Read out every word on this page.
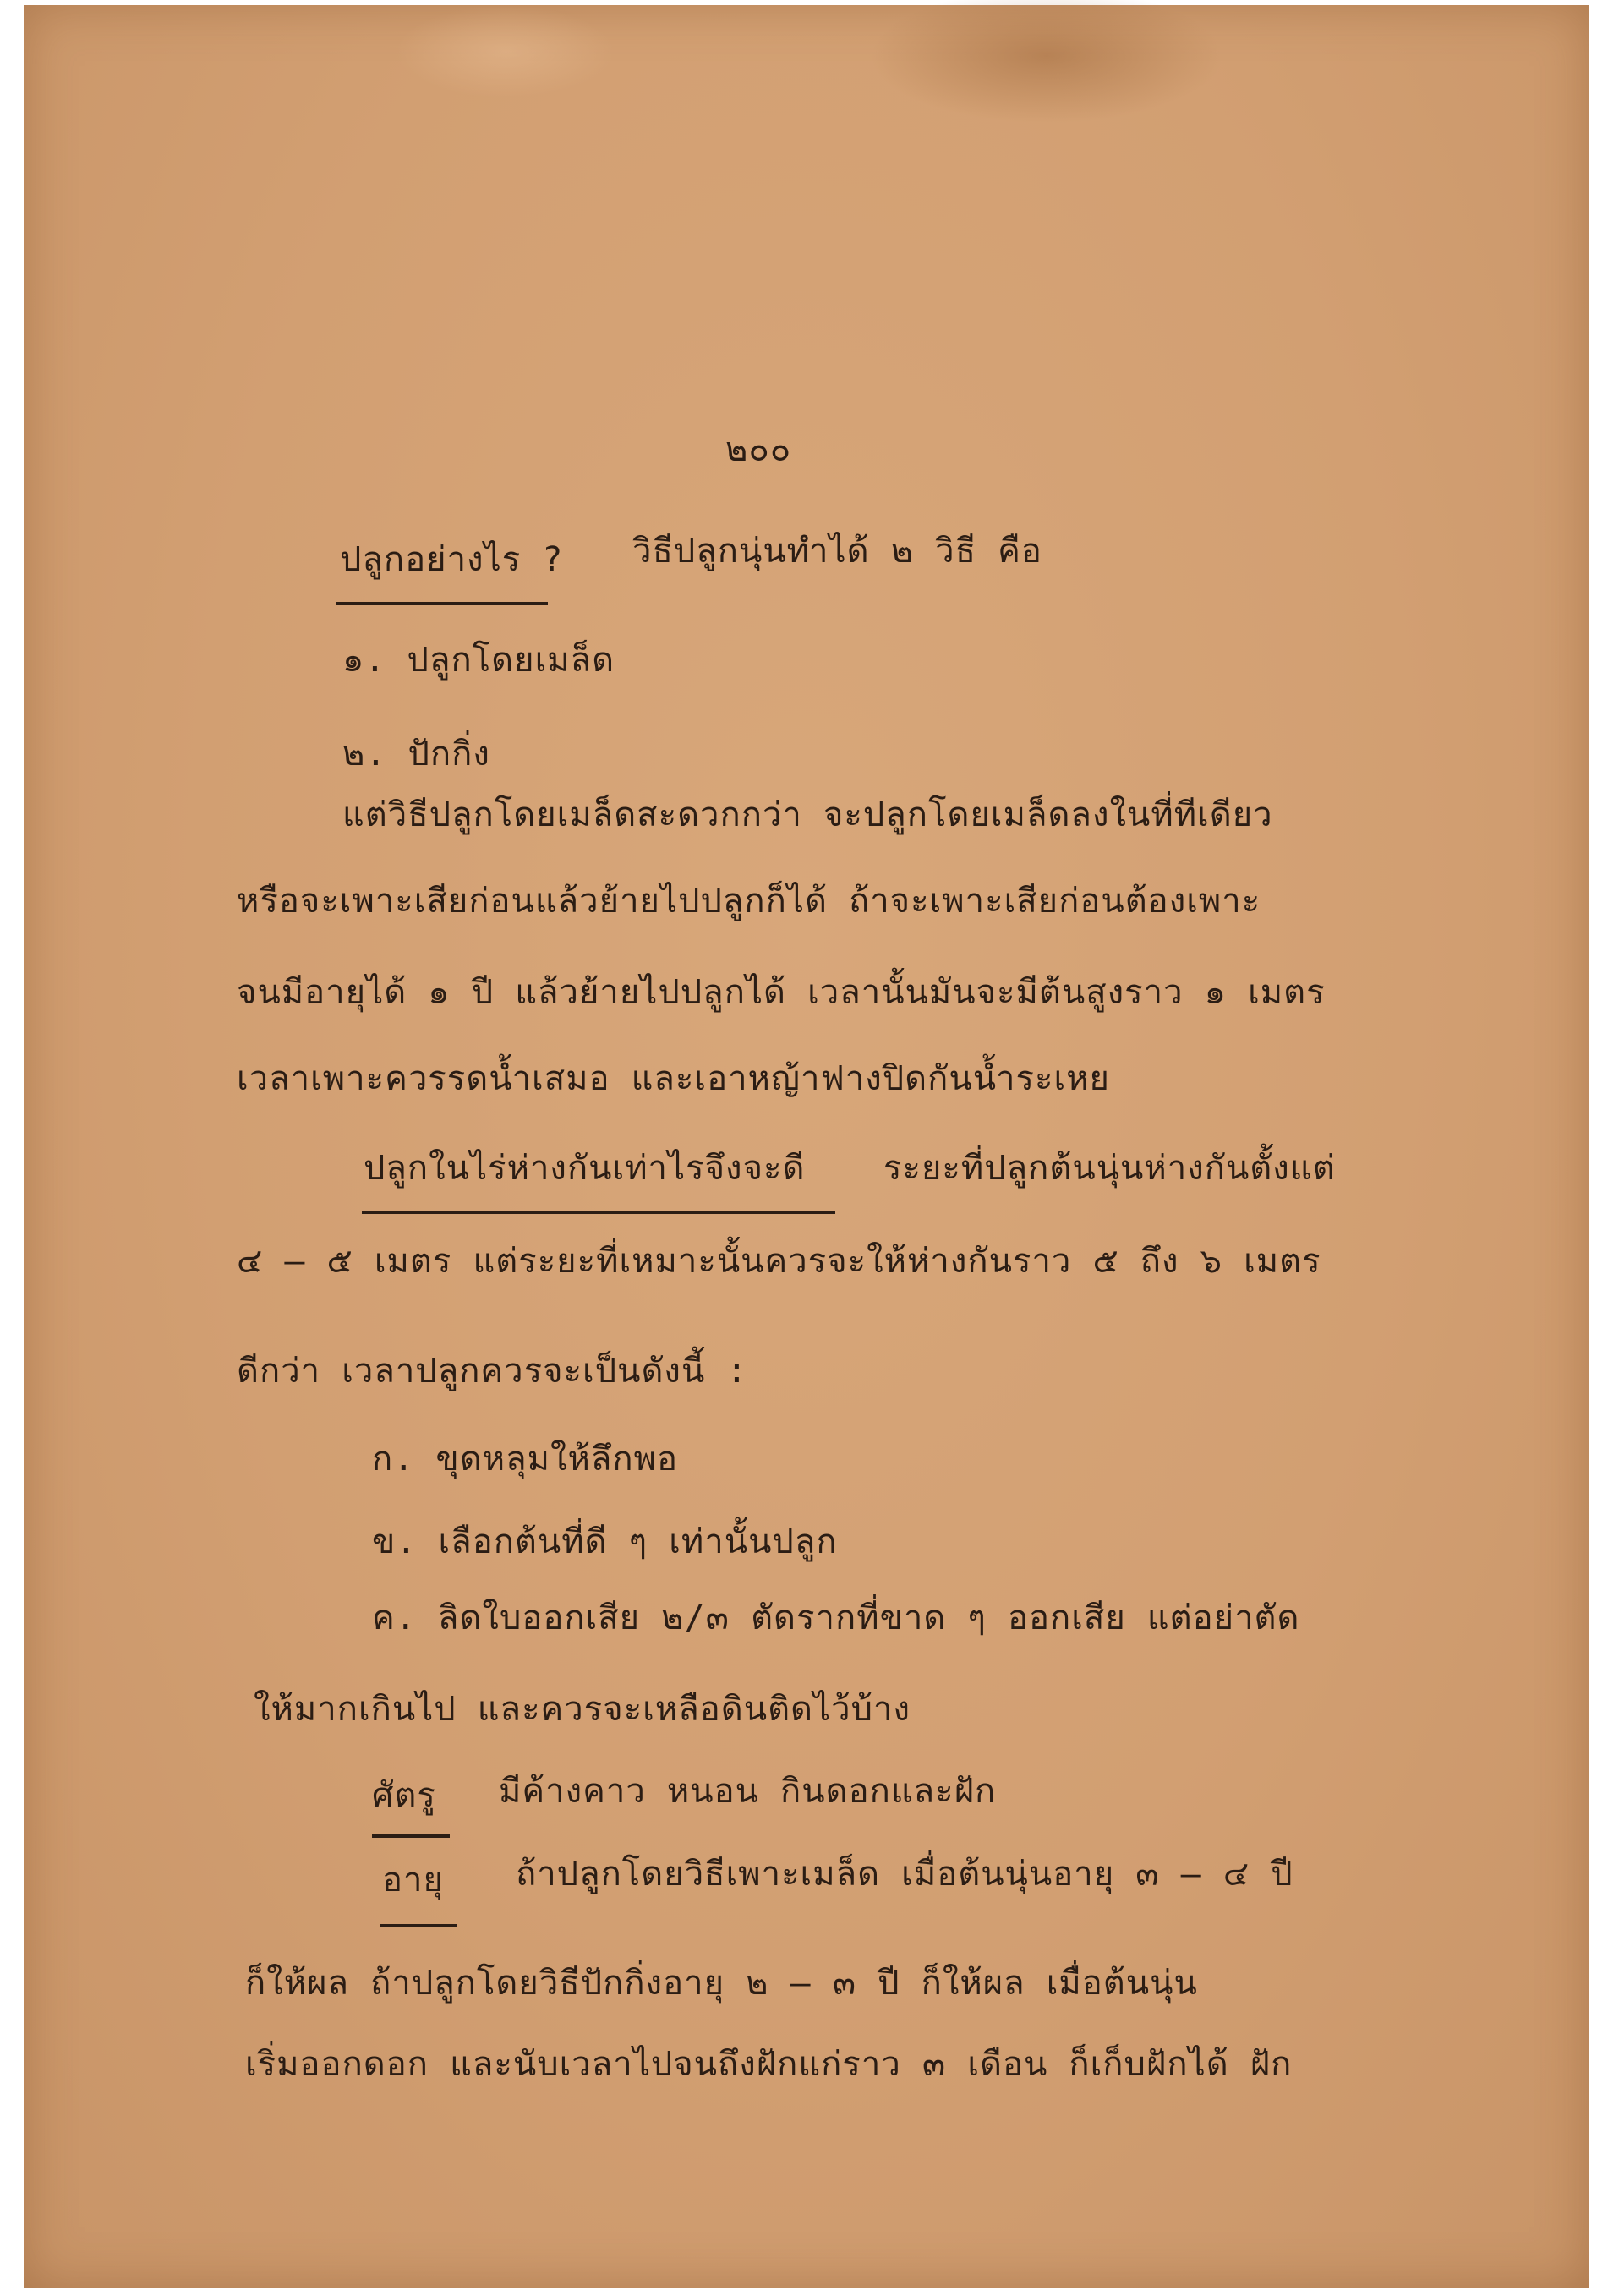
๒๐๐
ปลูกอย่างไร ? วิธีปลูกนุ่นทำได้ ๒ วิธี คือ
๑. ปลูกโดยเมล็ด
๒. ปักกิ่ง
แต่วิธีปลูกโดยเมล็ดสะดวกกว่า จะปลูกโดยเมล็ดลงในที่ทีเดียว
หรือจะเพาะเสียก่อนแล้วย้ายไปปลูกก็ได้ ถ้าจะเพาะเสียก่อนต้องเพาะ
จนมีอายุได้ ๑ ปี แล้วย้ายไปปลูกได้ เวลานั้นมันจะมีต้นสูงราว ๑ เมตร
เวลาเพาะควรรดน้ำเสมอ และเอาหญ้าฟางปิดกันน้ำระเหย
ปลูกในไร่ห่างกันเท่าไรจึงจะดี ระยะที่ปลูกต้นนุ่นห่างกันตั้งแต่
๔ – ๕ เมตร แต่ระยะที่เหมาะนั้นควรจะให้ห่างกันราว ๕ ถึง ๖ เมตร
ดีกว่า เวลาปลูกควรจะเป็นดังนี้ :
ก. ขุดหลุมให้ลึกพอ
ข. เลือกต้นที่ดี ๆ เท่านั้นปลูก
ค. ลิดใบออกเสีย ๒/๓ ตัดรากที่ขาด ๆ ออกเสีย แต่อย่าตัด
ให้มากเกินไป และควรจะเหลือดินติดไว้บ้าง
ศัตรู มีค้างคาว หนอน กินดอกและฝัก
อายุ ถ้าปลูกโดยวิธีเพาะเมล็ด เมื่อต้นนุ่นอายุ ๓ – ๔ ปี
ก็ให้ผล ถ้าปลูกโดยวิธีปักกิ่งอายุ ๒ – ๓ ปี ก็ให้ผล เมื่อต้นนุ่น
เริ่มออกดอก และนับเวลาไปจนถึงฝักแก่ราว ๓ เดือน ก็เก็บฝักได้ ฝัก
